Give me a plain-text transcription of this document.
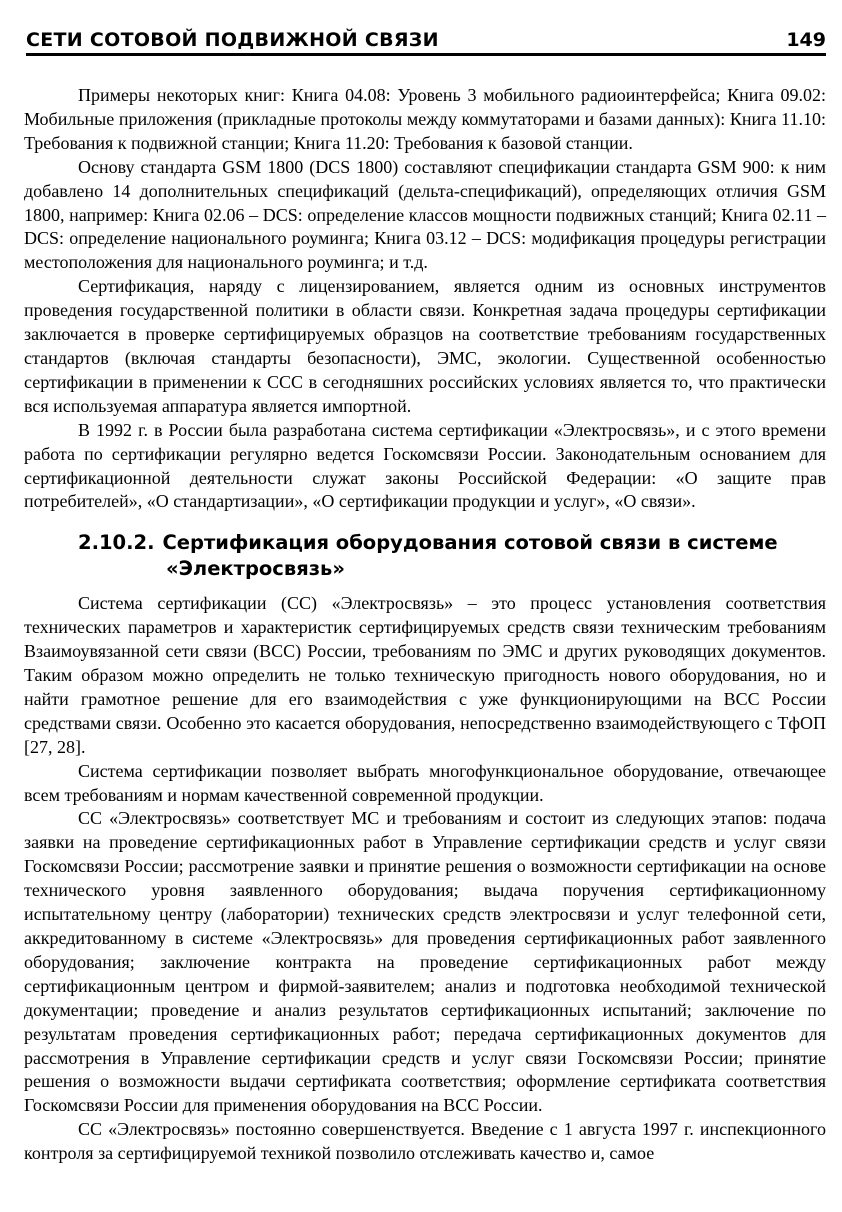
СЕТИ СОТОВОЙ ПОДВИЖНОЙ СВЯЗИ	149

Примеры некоторых книг: Книга 04.08: Уровень 3 мобильного радиоинтерфейса; Книга 09.02: Мобильные приложения (прикладные протоколы между коммутаторами и базами данных): Книга 11.10: Требования к подвижной станции; Книга 11.20: Требования к базовой станции.

Основу стандарта GSM 1800 (DCS 1800) составляют спецификации стандарта GSM 900: к ним добавлено 14 дополнительных спецификаций (дельта-спецификаций), определяющих отличия GSM 1800, например: Книга 02.06 – DCS: определение классов мощности подвижных станций; Книга 02.11 – DCS: определение национального роуминга; Книга 03.12 – DCS: модификация процедуры регистрации местоположения для национального роуминга; и т.д.

Сертификация, наряду с лицензированием, является одним из основных инструментов проведения государственной политики в области связи. Конкретная задача процедуры сертификации заключается в проверке сертифицируемых образцов на соответствие требованиям государственных стандартов (включая стандарты безопасности), ЭМС, экологии. Существенной особенностью сертификации в применении к ССС в сегодняшних российских условиях является то, что практически вся используемая аппаратура является импортной.

В 1992 г. в России была разработана система сертификации «Электросвязь», и с этого времени работа по сертификации регулярно ведется Госкомсвязи России. Законодательным основанием для сертификационной деятельности служат законы Российской Федерации: «О защите прав потребителей», «О стандартизации», «О сертификации продукции и услуг», «О связи».

2.10.2. Сертификация оборудования сотовой связи в системе
«Электросвязь»

Система сертификации (СС) «Электросвязь» – это процесс установления соответствия технических параметров и характеристик сертифицируемых средств связи техническим требованиям Взаимоувязанной сети связи (ВСС) России, требованиям по ЭМС и других руководящих документов. Таким образом можно определить не только техническую пригодность нового оборудования, но и найти грамотное решение для его взаимодействия с уже функционирующими на ВСС России средствами связи. Особенно это касается оборудования, непосредственно взаимодействующего с ТфОП [27, 28].

Система сертификации позволяет выбрать многофункциональное оборудование, отвечающее всем требованиям и нормам качественной современной продукции.

СС «Электросвязь» соответствует МС и требованиям и состоит из следующих этапов: подача заявки на проведение сертификационных работ в Управление сертификации средств и услуг связи Госкомсвязи России; рассмотрение заявки и принятие решения о возможности сертификации на основе технического уровня заявленного оборудования; выдача поручения сертификационному испытательному центру (лаборатории) технических средств электросвязи и услуг телефонной сети, аккредитованному в системе «Электросвязь» для проведения сертификационных работ заявленного оборудования; заключение контракта на проведение сертификационных работ между сертификационным центром и фирмой-заявителем; анализ и подготовка необходимой технической документации; проведение и анализ результатов сертификационных испытаний; заключение по результатам проведения сертификационных работ; передача сертификационных документов для рассмотрения в Управление сертификации средств и услуг связи Госкомсвязи России; принятие решения о возможности выдачи сертификата соответствия; оформление сертификата соответствия Госкомсвязи России для применения оборудования на ВСС России.

СС «Электросвязь» постоянно совершенствуется. Введение с 1 августа 1997 г. инспекционного контроля за сертифицируемой техникой позволило отслеживать качество и, самое
